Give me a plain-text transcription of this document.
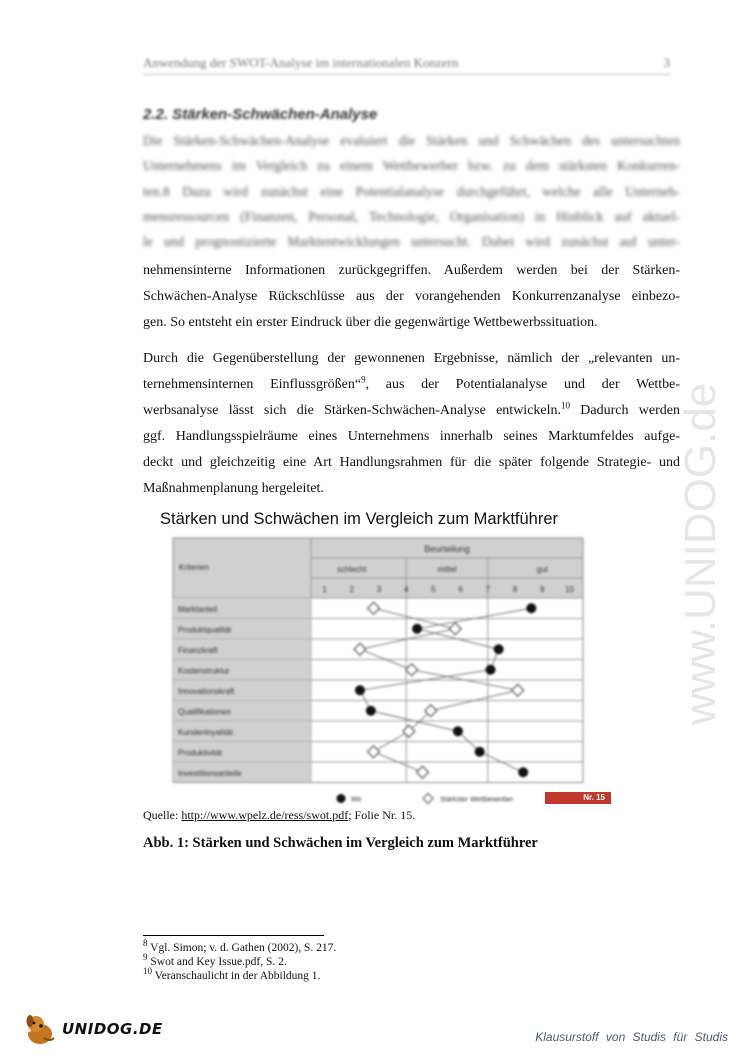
Anwendung der SWOT-Analyse im internationalen Konzern	3
2.2. Stärken-Schwächen-Analyse
Die Stärken-Schwächen-Analyse evaluiert die Stärken und Schwächen des untersuchten
Unternehmens im Vergleich zu einem Wettbewerber bzw. zu dem stärksten Konkurren-
ten.8 Dazu wird zunächst eine Potentialanalyse durchgeführt, welche alle Unterneh-
mensressourcen (Finanzen, Personal, Technologie, Organisation) in Hinblick auf aktuel-
le und prognostizierte Marktentwicklungen untersucht. Dabei wird zunächst auf unter-
nehmensinterne Informationen zurückgegriffen. Außerdem werden bei der Stärken-
Schwächen-Analyse Rückschlüsse aus der vorangehenden Konkurrenzanalyse einbezo-
gen. So entsteht ein erster Eindruck über die gegenwärtige Wettbewerbssituation.
Durch die Gegenüberstellung der gewonnenen Ergebnisse, nämlich der „relevanten un-
ternehmensinternen Einflussgrößen“$^9$, aus der Potentialanalyse und der Wettbe-
werbsanalyse lässt sich die Stärken-Schwächen-Analyse entwickeln.$^{10}$ Dadurch werden
ggf. Handlungsspielräume eines Unternehmens innerhalb seines Marktumfeldes aufge-
deckt und gleichzeitig eine Art Handlungsrahmen für die später folgende Strategie- und
Maßnahmenplanung hergeleitet.
Stärken und Schwächen im Vergleich zum Marktführer
Beurteilung
Kriterien	schlecht	mittel	gut
1	2	3	4	5	6	7	8	9	10
Marktanteil
Produktqualität
Finanzkraft
Kostenstruktur
Innovationskraft
Qualifikationen
Kundenloyalität
Produktivität
Investitionsanteile
Wir	Stärkster Wettbewerber	Nr. 15
Quelle: http://www.wpelz.de/ress/swot.pdf; Folie Nr. 15.
Abb. 1: Stärken und Schwächen im Vergleich zum Marktführer
$^8$ Vgl. Simon; v. d. Gathen (2002), S. 217.
$^9$ Swot and Key Issue.pdf, S. 2.
$^{10}$ Veranschaulicht in der Abbildung 1.
www.UNIDOG.de
UNIDOG.DE	Klausurstoff von Studis für Studis
